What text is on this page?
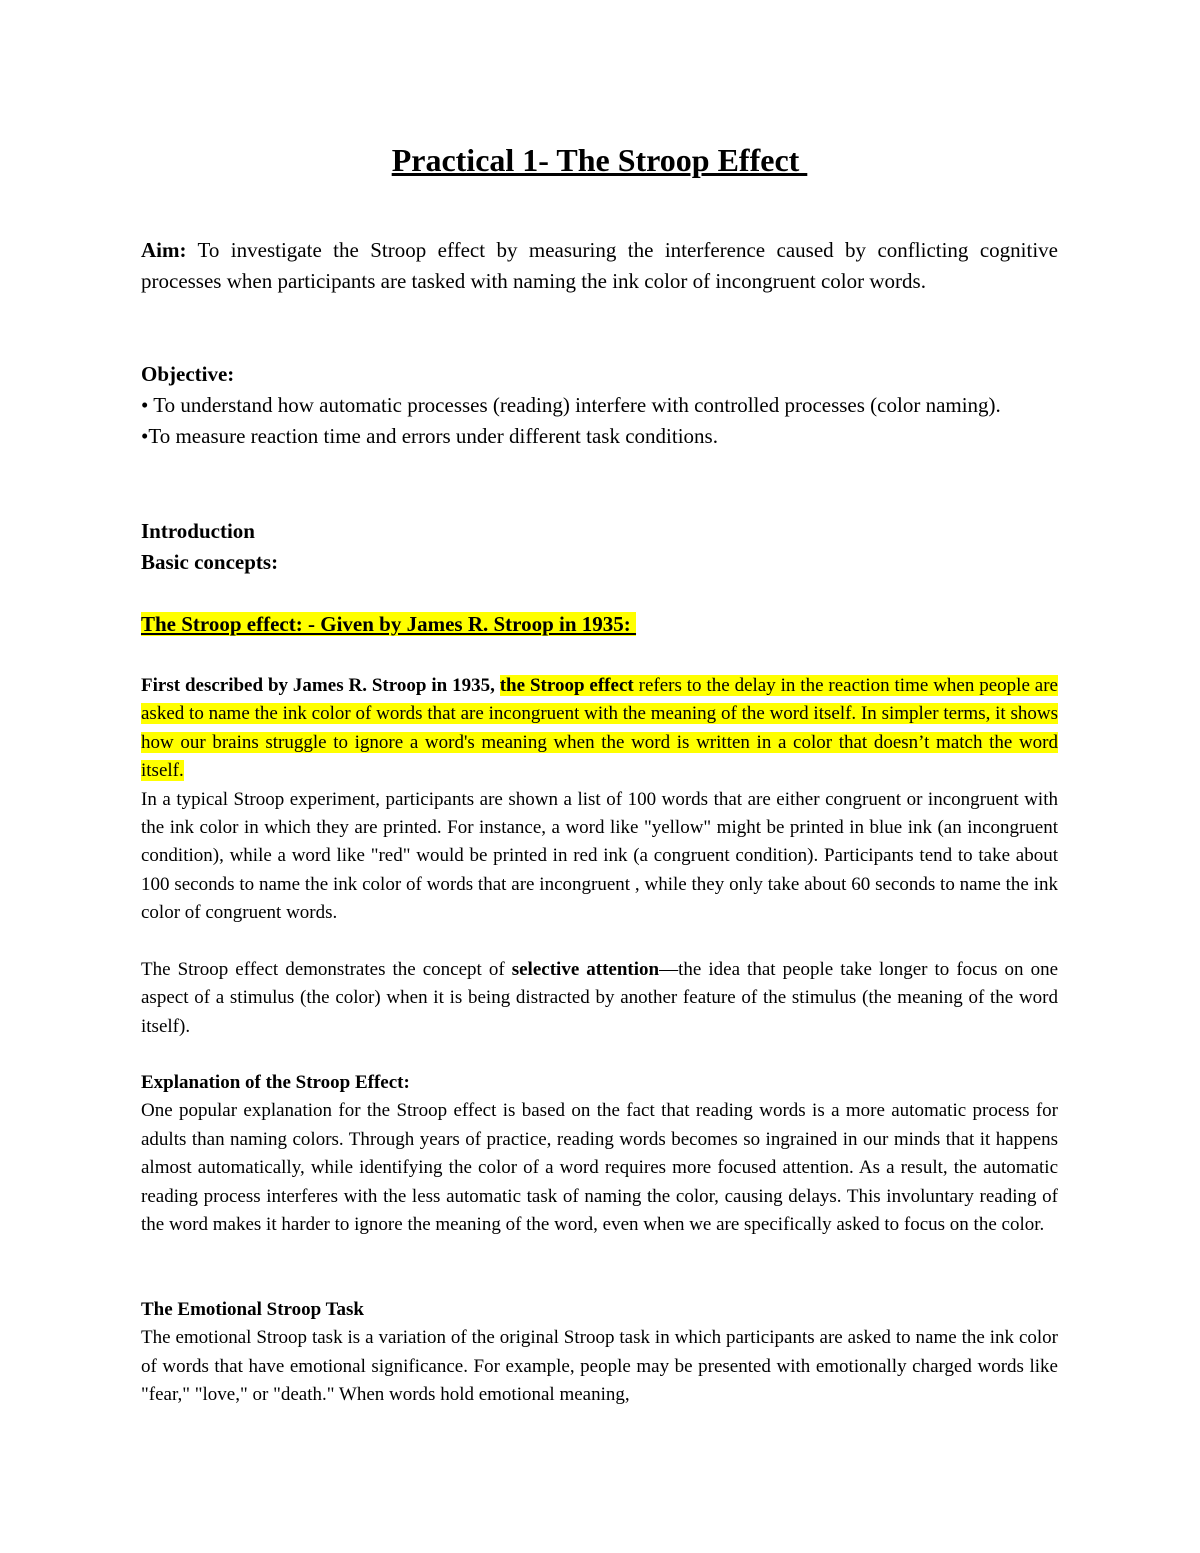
Practical 1- The Stroop Effect

Aim: To investigate the Stroop effect by measuring the interference caused by conflicting cognitive processes when participants are tasked with naming the ink color of incongruent color words.

Objective:
• To understand how automatic processes (reading) interfere with controlled processes (color naming).
•To measure reaction time and errors under different task conditions.
Introduction
Basic concepts:

The Stroop effect: - Given by James R. Stroop in 1935:

First described by James R. Stroop in 1935, the Stroop effect refers to the delay in the reaction time when people are asked to name the ink color of words that are incongruent with the meaning of the word itself. In simpler terms, it shows how our brains struggle to ignore a word's meaning when the word is written in a color that doesn’t match the word itself.
In a typical Stroop experiment, participants are shown a list of 100 words that are either congruent or incongruent with the ink color in which they are printed. For instance, a word like "yellow" might be printed in blue ink (an incongruent condition), while a word like "red" would be printed in red ink (a congruent condition). Participants tend to take about 100 seconds to name the ink color of words that are incongruent , while they only take about 60 seconds to name the ink color of congruent words.

The Stroop effect demonstrates the concept of selective attention—the idea that people take longer to focus on one aspect of a stimulus (the color) when it is being distracted by another feature of the stimulus (the meaning of the word itself).

Explanation of the Stroop Effect:
One popular explanation for the Stroop effect is based on the fact that reading words is a more automatic process for adults than naming colors. Through years of practice, reading words becomes so ingrained in our minds that it happens almost automatically, while identifying the color of a word requires more focused attention. As a result, the automatic reading process interferes with the less automatic task of naming the color, causing delays. This involuntary reading of the word makes it harder to ignore the meaning of the word, even when we are specifically asked to focus on the color.
The Emotional Stroop Task
The emotional Stroop task is a variation of the original Stroop task in which participants are asked to name the ink color of words that have emotional significance. For example, people may be presented with emotionally charged words like "fear," "love," or "death." When words hold emotional meaning,
